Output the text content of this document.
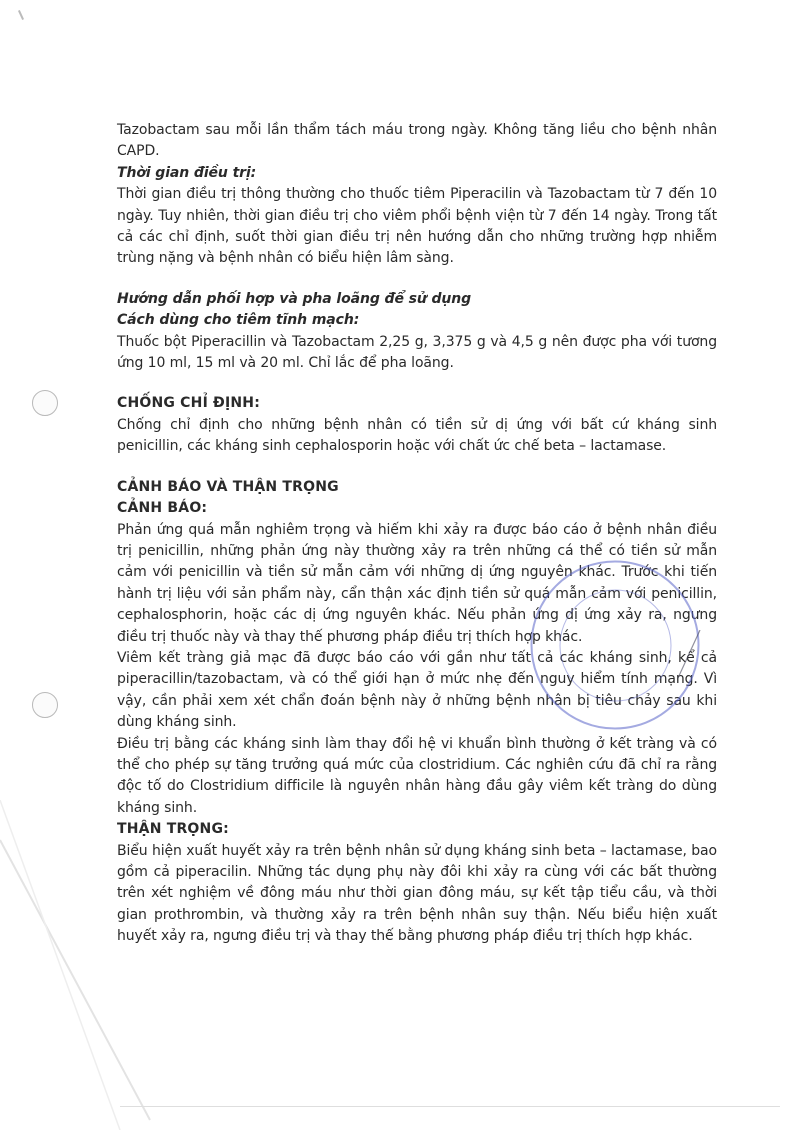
Tazobactam sau mỗi lần thẩm tách máu trong ngày. Không tăng liều cho bệnh nhân CAPD.

Thời gian điều trị:

Thời gian điều trị thông thường cho thuốc tiêm Piperacilin và Tazobactam từ 7 đến 10 ngày. Tuy nhiên, thời gian điều trị cho viêm phổi bệnh viện từ 7 đến 14 ngày. Trong tất cả các chỉ định, suốt thời gian điều trị nên hướng dẫn cho những trường hợp nhiễm trùng nặng và bệnh nhân có biểu hiện lâm sàng.

Hướng dẫn phối hợp và pha loãng để sử dụng

Cách dùng cho tiêm tĩnh mạch:

Thuốc bột Piperacillin và Tazobactam 2,25 g, 3,375 g và 4,5 g nên được pha với tương ứng 10 ml, 15 ml và 20 ml. Chỉ lắc để pha loãng.

CHỐNG CHỈ ĐỊNH:

Chống chỉ định cho những bệnh nhân có tiền sử dị ứng với bất cứ kháng sinh penicillin, các kháng sinh cephalosporin hoặc với chất ức chế beta – lactamase.

CẢNH BÁO VÀ THẬN TRỌNG

CẢNH BÁO:

Phản ứng quá mẫn nghiêm trọng và hiếm khi xảy ra được báo cáo ở bệnh nhân điều trị penicillin, những phản ứng này thường xảy ra trên những cá thể có tiền sử mẫn cảm với penicillin và tiền sử mẫn cảm với những dị ứng nguyên khác. Trước khi tiến hành trị liệu với sản phẩm này, cẩn thận xác định tiền sử quá mẫn cảm với penicillin, cephalosphorin, hoặc các dị ứng nguyên khác. Nếu phản ứng dị ứng xảy ra, ngưng điều trị thuốc này và thay thế phương pháp điều trị thích hợp khác.

Viêm kết tràng giả mạc đã được báo cáo với gần như tất cả các kháng sinh, kể cả piperacillin/tazobactam, và có thể giới hạn ở mức nhẹ đến nguy hiểm tính mạng. Vì vậy, cần phải xem xét chẩn đoán bệnh này ở những bệnh nhân bị tiêu chảy sau khi dùng kháng sinh.

Điều trị bằng các kháng sinh làm thay đổi hệ vi khuẩn bình thường ở kết tràng và có thể cho phép sự tăng trưởng quá mức của clostridium. Các nghiên cứu đã chỉ ra rằng độc tố do Clostridium difficile là nguyên nhân hàng đầu gây viêm kết tràng do dùng kháng sinh.

THẬN TRỌNG:

Biểu hiện xuất huyết xảy ra trên bệnh nhân sử dụng kháng sinh beta – lactamase, bao gồm cả piperacilin. Những tác dụng phụ này đôi khi xảy ra cùng với các bất thường trên xét nghiệm về đông máu như thời gian đông máu, sự kết tập tiểu cầu, và thời gian prothrombin, và thường xảy ra trên bệnh nhân suy thận. Nếu biểu hiện xuất huyết xảy ra, ngưng điều trị và thay thế bằng phương pháp điều trị thích hợp khác.
